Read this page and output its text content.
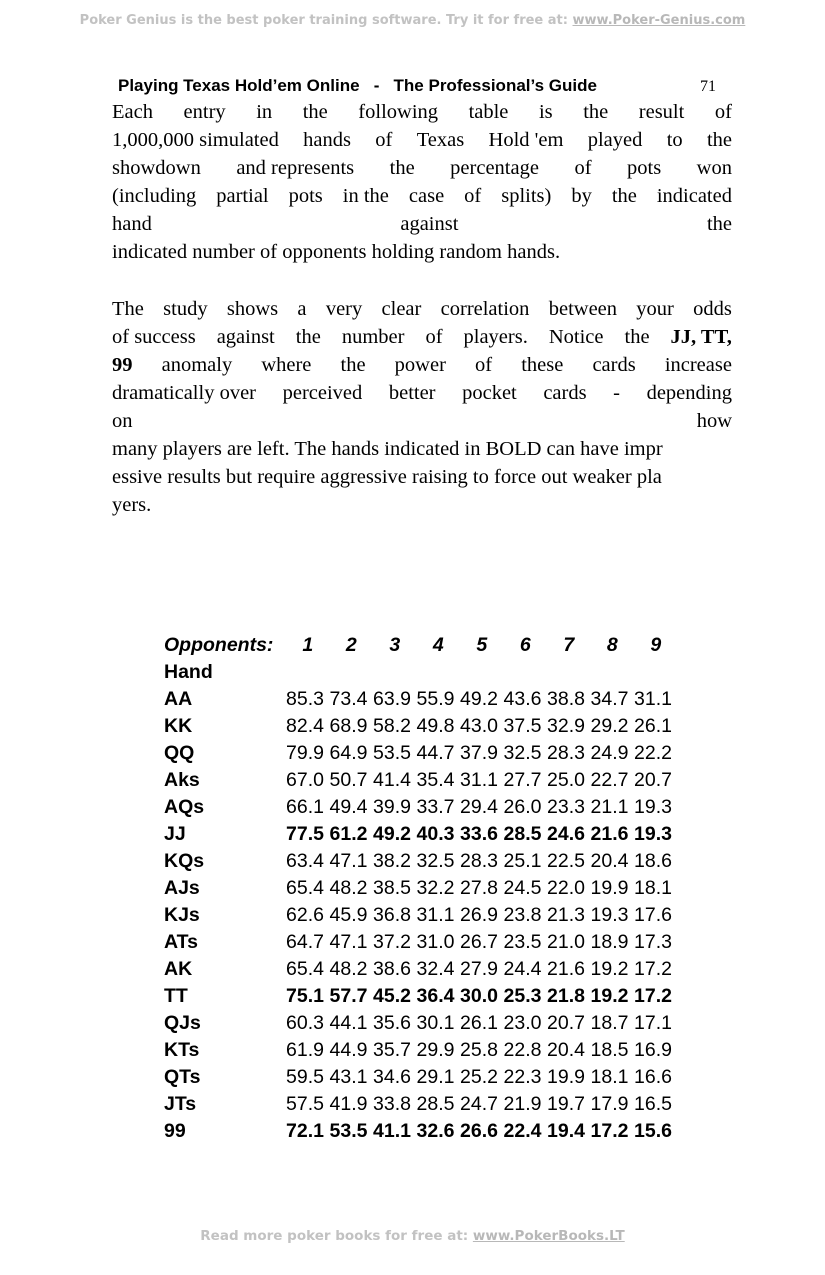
Poker Genius is the best poker training software. Try it for free at: www.Poker-Genius.com
Playing Texas Hold’em Online   -   The Professional’s Guide	71
Each entry in the following table is the result of
1,000,000 simulated hands of Texas Hold 'em played to the
showdown and represents the percentage of pots won
(including partial pots in the case of splits) by the indicated
hand	against	the
indicated number of opponents holding random hands.
The study shows a very clear correlation between your odds
of success against the number of players. Notice the JJ, TT,
99 anomaly where the power of these cards increase
dramatically over perceived better pocket cards - depending
on	how
many players are left. The hands indicated in BOLD can have impr
essive results but require aggressive raising to force out weaker pla
yers.
Opponents:	1	2	3	4	5	6	7	8	9
Hand									
AA	85.3	73.4	63.9	55.9	49.2	43.6	38.8	34.7	31.1
KK	82.4	68.9	58.2	49.8	43.0	37.5	32.9	29.2	26.1
QQ	79.9	64.9	53.5	44.7	37.9	32.5	28.3	24.9	22.2
Aks	67.0	50.7	41.4	35.4	31.1	27.7	25.0	22.7	20.7
AQs	66.1	49.4	39.9	33.7	29.4	26.0	23.3	21.1	19.3
JJ	77.5	61.2	49.2	40.3	33.6	28.5	24.6	21.6	19.3
KQs	63.4	47.1	38.2	32.5	28.3	25.1	22.5	20.4	18.6
AJs	65.4	48.2	38.5	32.2	27.8	24.5	22.0	19.9	18.1
KJs	62.6	45.9	36.8	31.1	26.9	23.8	21.3	19.3	17.6
ATs	64.7	47.1	37.2	31.0	26.7	23.5	21.0	18.9	17.3
AK	65.4	48.2	38.6	32.4	27.9	24.4	21.6	19.2	17.2
TT	75.1	57.7	45.2	36.4	30.0	25.3	21.8	19.2	17.2
QJs	60.3	44.1	35.6	30.1	26.1	23.0	20.7	18.7	17.1
KTs	61.9	44.9	35.7	29.9	25.8	22.8	20.4	18.5	16.9
QTs	59.5	43.1	34.6	29.1	25.2	22.3	19.9	18.1	16.6
JTs	57.5	41.9	33.8	28.5	24.7	21.9	19.7	17.9	16.5
99	72.1	53.5	41.1	32.6	26.6	22.4	19.4	17.2	15.6
Read more poker books for free at: www.PokerBooks.LT
